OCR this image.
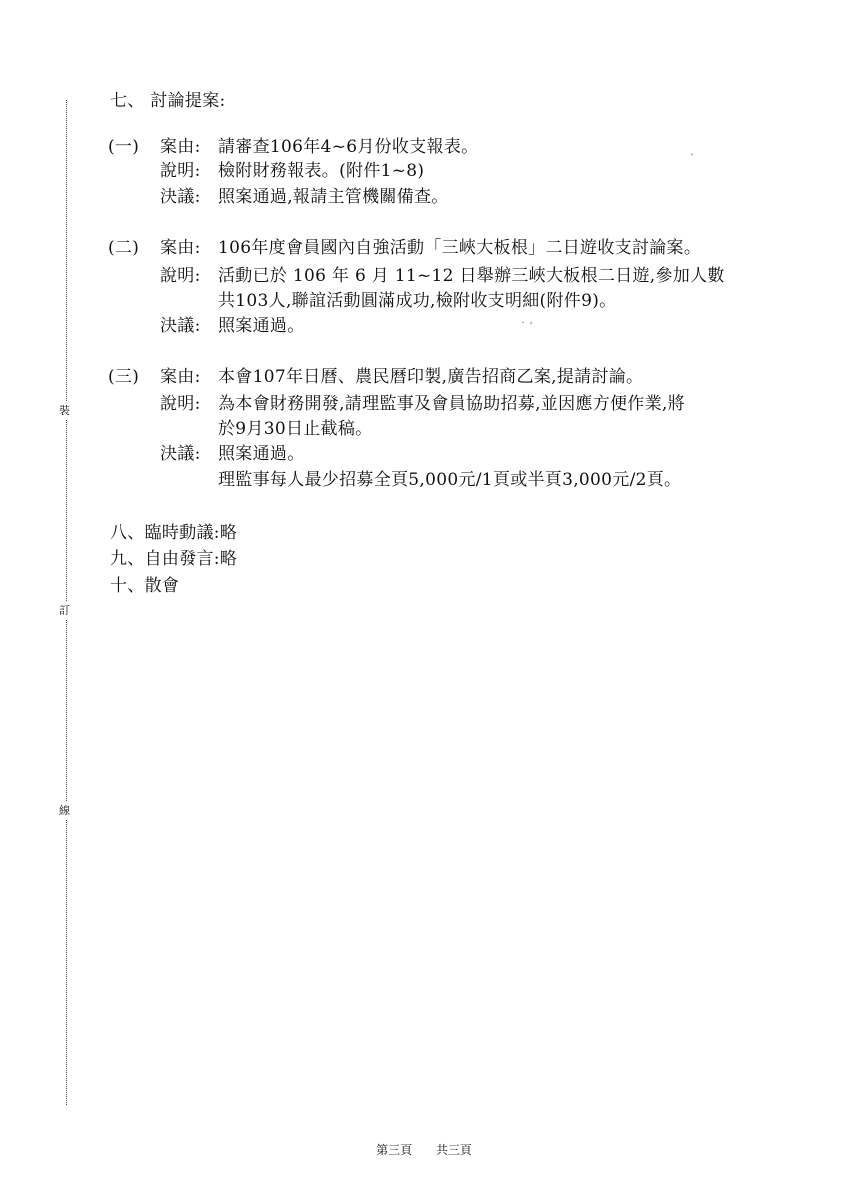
裝
訂
線
七、 討論提案:
(一) 案由: 請審查106年4~6月份收支報表。
說明: 檢附財務報表。(附件1~8)
決議: 照案通過,報請主管機關備查。
(二) 案由: 106年度會員國內自強活動「三峽大板根」二日遊收支討論案。
說明: 活動已於 106 年 6 月 11~12 日舉辦三峽大板根二日遊,參加人數
共103人,聯誼活動圓滿成功,檢附收支明細(附件9)。
決議: 照案通過。
(三) 案由: 本會107年日曆、農民曆印製,廣告招商乙案,提請討論。
說明: 為本會財務開發,請理監事及會員協助招募,並因應方便作業,將
於9月30日止截稿。
決議: 照案通過。
理監事每人最少招募全頁5,000元/1頁或半頁3,000元/2頁。
八、臨時動議:略
九、自由發言:略
十、散會
˙ ′
ˏ
第三頁 共三頁
